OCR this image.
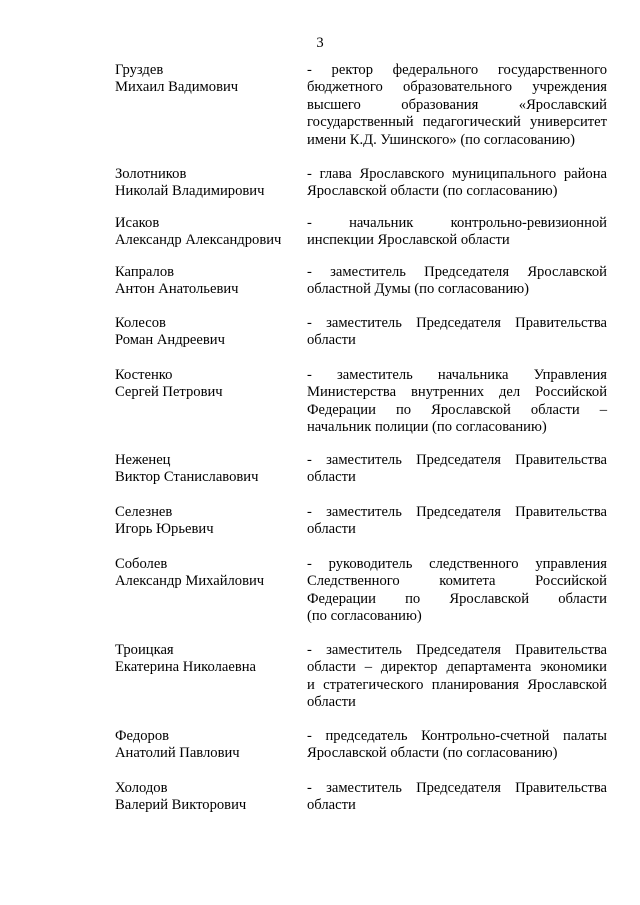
3
Груздев
Михаил Вадимович
- ректор федерального государственного
бюджетного образовательного учреждения
высшего образования «Ярославский
государственный педагогический университет
имени К.Д. Ушинского» (по согласованию)
Золотников
Николай Владимирович
- глава Ярославского муниципального района
Ярославской области (по согласованию)
Исаков
Александр Александрович
- начальник контрольно-ревизионной
инспекции Ярославской области
Капралов
Антон Анатольевич
- заместитель Председателя Ярославской
областной Думы (по согласованию)
Колесов
Роман Андреевич
- заместитель Председателя Правительства
области
Костенко
Сергей Петрович
- заместитель начальника Управления
Министерства внутренних дел Российской
Федерации по Ярославской области –
начальник полиции (по согласованию)
Неженец
Виктор Станиславович
- заместитель Председателя Правительства
области
Селезнев
Игорь Юрьевич
- заместитель Председателя Правительства
области
Соболев
Александр Михайлович
- руководитель следственного управления
Следственного комитета Российской
Федерации по Ярославской области
(по согласованию)
Троицкая
Екатерина Николаевна
- заместитель Председателя Правительства
области – директор департамента экономики
и стратегического планирования Ярославской
области
Федоров
Анатолий Павлович
- председатель Контрольно-счетной палаты
Ярославской области (по согласованию)
Холодов
Валерий Викторович
- заместитель Председателя Правительства
области
